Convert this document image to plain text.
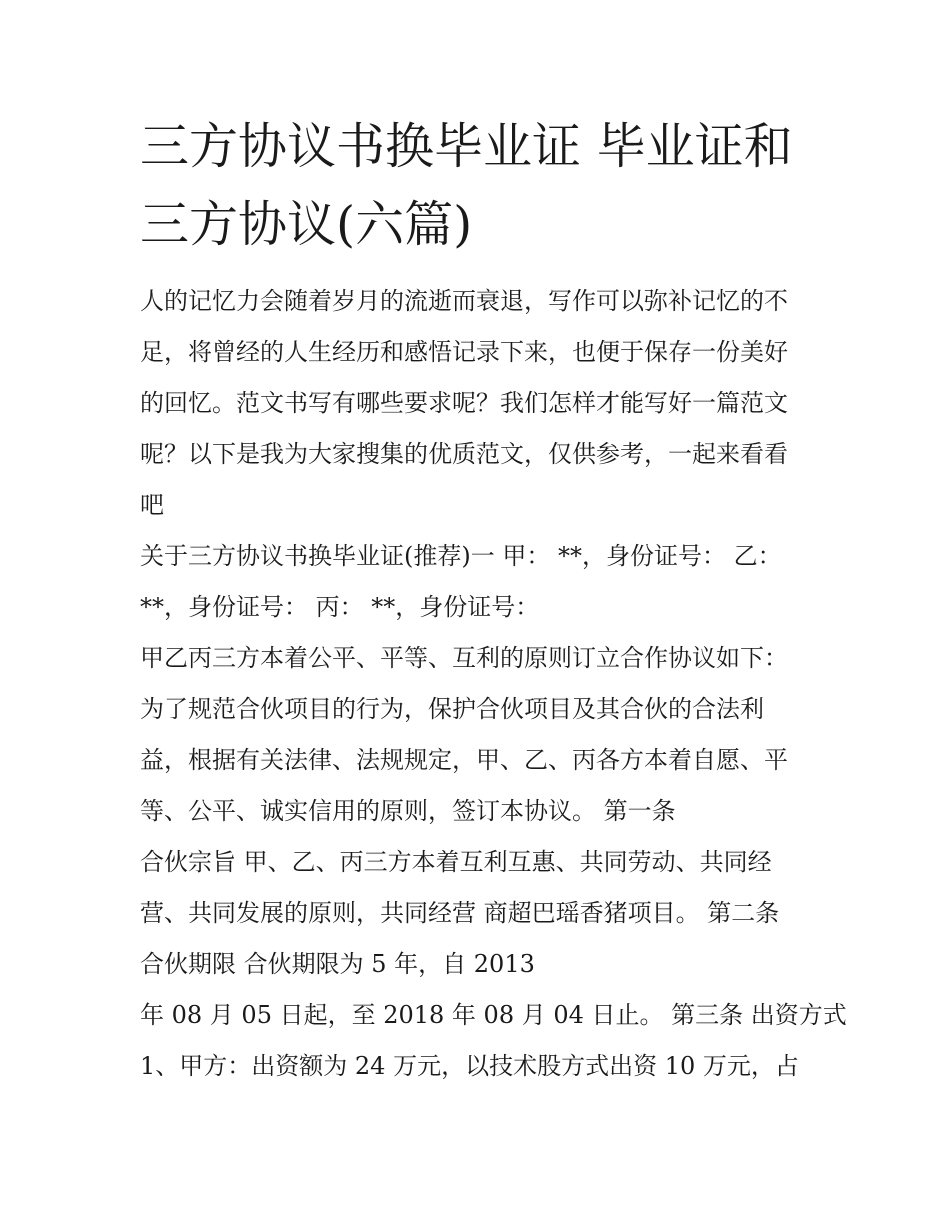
三方协议书换毕业证 毕业证和
三方协议(六篇)
人的记忆力会随着岁月的流逝而衰退，写作可以弥补记忆的不
足，将曾经的人生经历和感悟记录下来，也便于保存一份美好
的回忆。范文书写有哪些要求呢？我们怎样才能写好一篇范文
呢？以下是我为大家搜集的优质范文，仅供参考，一起来看看
吧
关于三方协议书换毕业证(推荐)一 甲： **，身份证号： 乙：
**，身份证号： 丙： **，身份证号：
甲乙丙三方本着公平、平等、互利的原则订立合作协议如下：
为了规范合伙项目的行为，保护合伙项目及其合伙的合法利
益，根据有关法律、法规规定，甲、乙、丙各方本着自愿、平
等、公平、诚实信用的原则，签订本协议。 第一条
合伙宗旨 甲、乙、丙三方本着互利互惠、共同劳动、共同经
营、共同发展的原则，共同经营 商超巴瑶香猪项目。 第二条
合伙期限 合伙期限为 5 年，自 2013
年 08 月 05 日起，至 2018 年 08 月 04 日止。 第三条 出资方式
1、甲方：出资额为 24 万元，以技术股方式出资 10 万元，占
